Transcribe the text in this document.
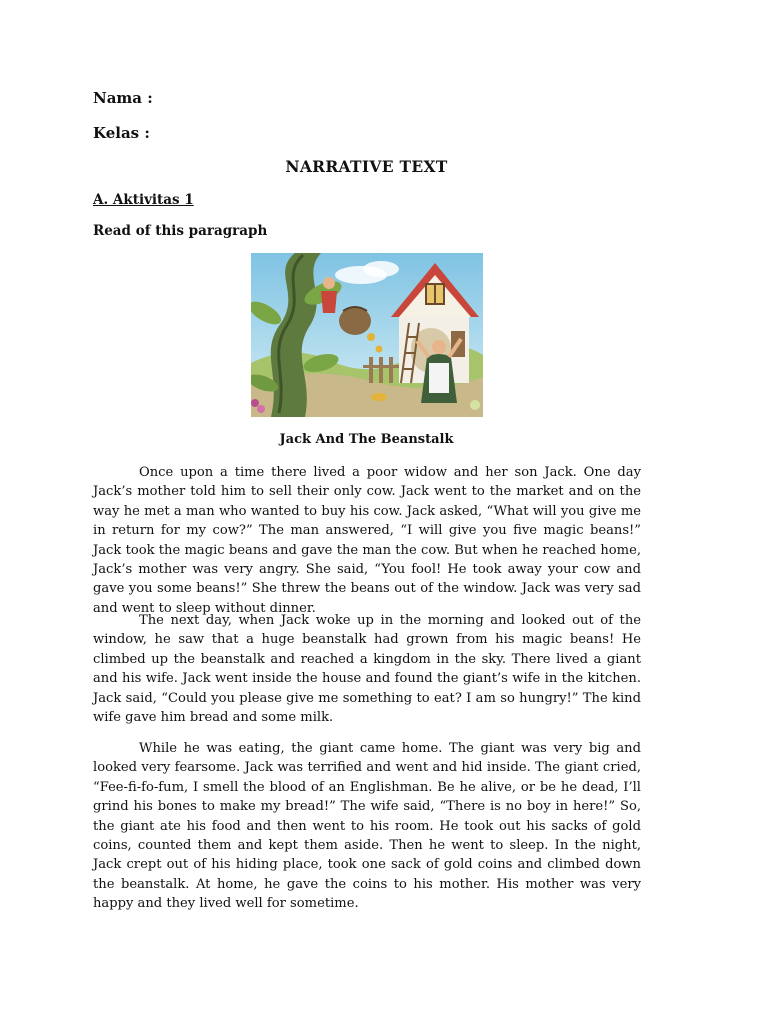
Nama :
Kelas :
NARRATIVE TEXT
A. Aktivitas 1
Read of this paragraph
Jack And The Beanstalk

Once upon a time there lived a poor widow and her son Jack. One day Jack’s mother told him to sell their only cow. Jack went to the market and on the way he met a man who wanted to buy his cow. Jack asked, “What will you give me in return for my cow?” The man answered, “I will give you five magic beans!” Jack took the magic beans and gave the man the cow. But when he reached home, Jack’s mother was very angry. She said, “You fool! He took away your cow and gave you some beans!” She threw the beans out of the window. Jack was very sad and went to sleep without dinner.

The next day, when Jack woke up in the morning and looked out of the window, he saw that a huge beanstalk had grown from his magic beans! He climbed up the beanstalk and reached a kingdom in the sky. There lived a giant and his wife. Jack went inside the house and found the giant’s wife in the kitchen. Jack said, “Could you please give me something to eat? I am so hungry!” The kind wife gave him bread and some milk.

While he was eating, the giant came home. The giant was very big and looked very fearsome. Jack was terrified and went and hid inside. The giant cried, “Fee-fi-fo-fum, I smell the blood of an Englishman. Be he alive, or be he dead, I’ll grind his bones to make my bread!” The wife said, “There is no boy in here!” So, the giant ate his food and then went to his room. He took out his sacks of gold coins, counted them and kept them aside. Then he went to sleep. In the night, Jack crept out of his hiding place, took one sack of gold coins and climbed down the beanstalk. At home, he gave the coins to his mother. His mother was very happy and they lived well for sometime.
